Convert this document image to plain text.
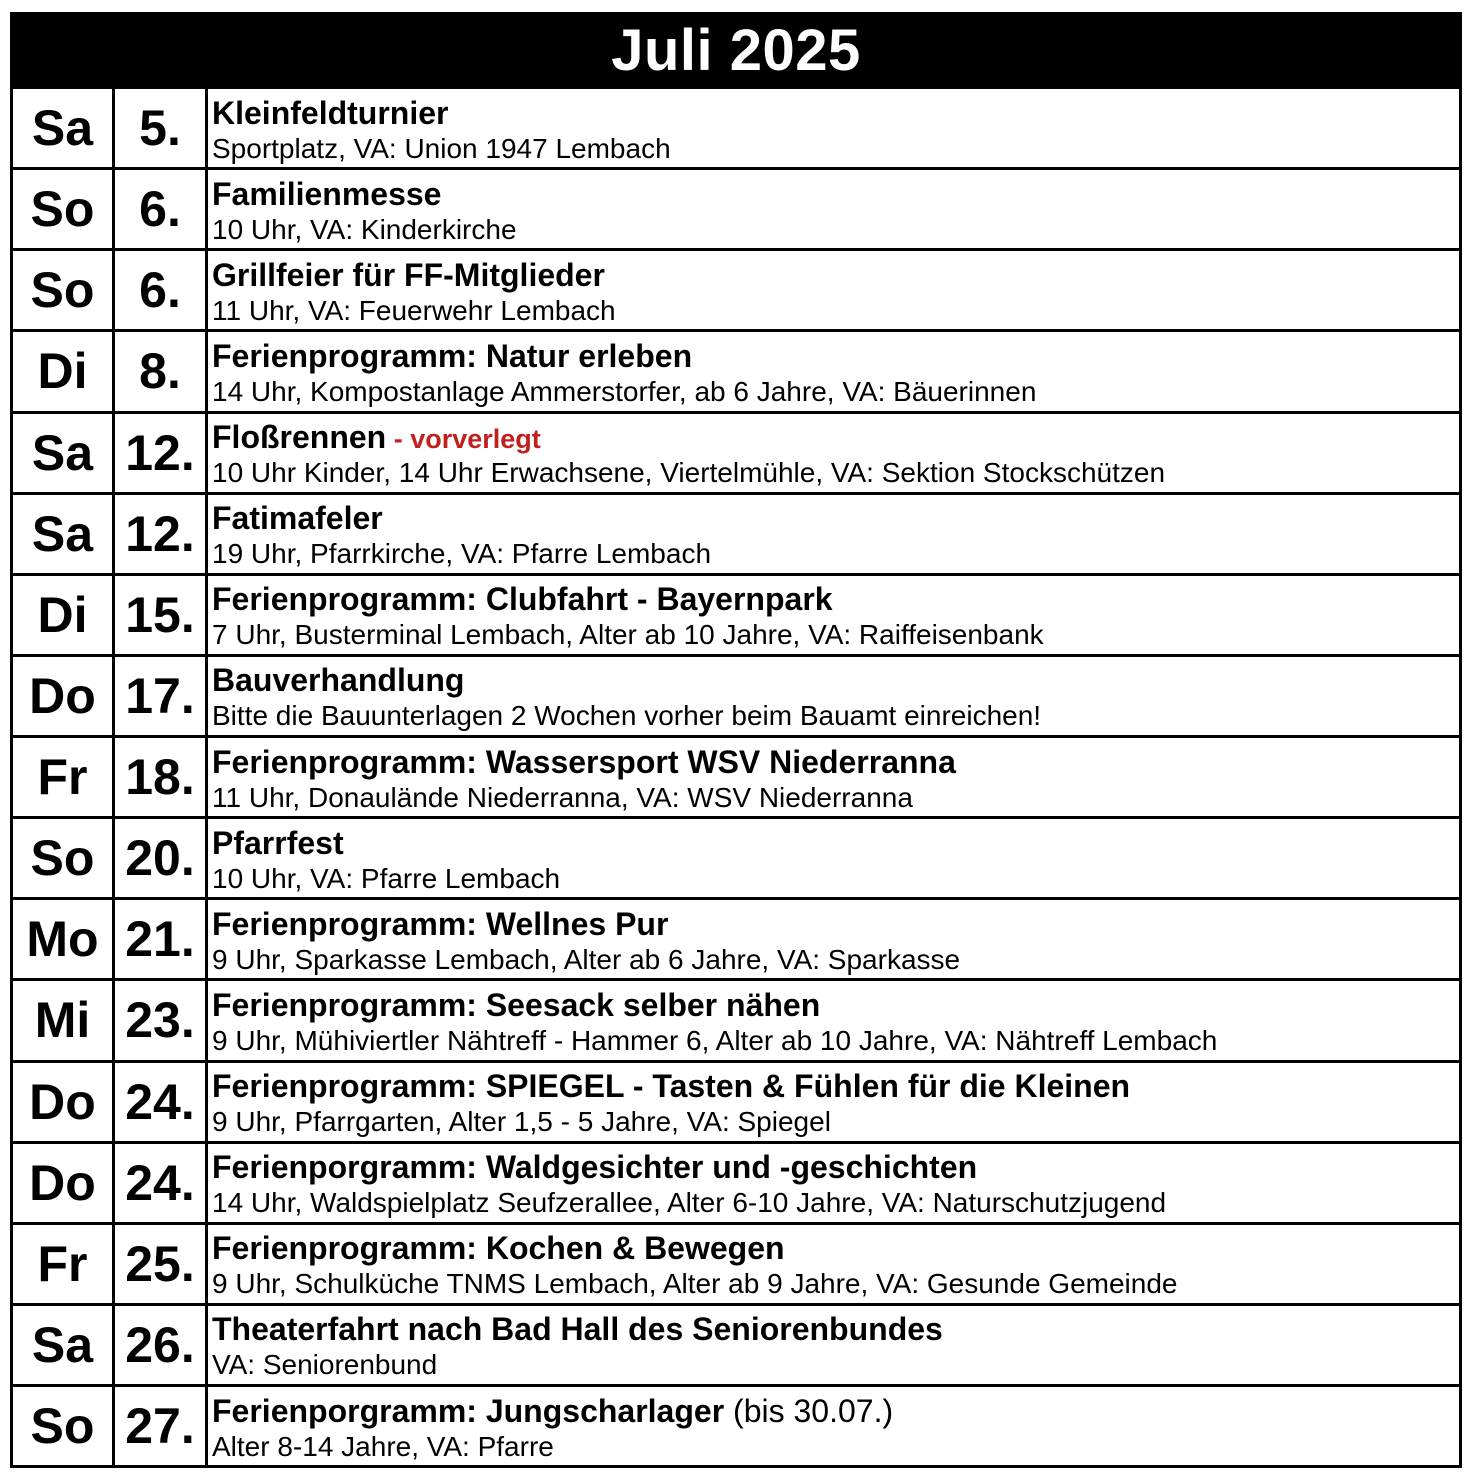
Juli 2025
Sa 5. Kleinfeldturnier
Sportplatz, VA: Union 1947 Lembach
So 6. Familienmesse
10 Uhr, VA: Kinderkirche
So 6. Grillfeier für FF-Mitglieder
11 Uhr, VA: Feuerwehr Lembach
Di	8. Ferienprogramm: Natur erleben
14 Uhr, Kompostanlage Ammerstorfer, ab 6 Jahre, VA: Bäuerinnen
Sa 12. Floßrennen - vorverlegt
10 Uhr Kinder, 14 Uhr Erwachsene, Viertelmühle, VA: Sektion Stockschützen
Sa 12. Fatimafeler
19 Uhr, Pfarrkirche, VA: Pfarre Lembach
Di 15. Ferienprogramm: Clubfahrt - Bayernpark
7 Uhr, Busterminal Lembach, Alter ab 10 Jahre, VA: Raiffeisenbank
Do 17. Bauverhandlung
Bitte die Bauunterlagen 2 Wochen vorher beim Bauamt einreichen!
Fr 18. Ferienprogramm: Wassersport WSV Niederranna
11 Uhr, Donaulände Niederranna, VA: WSV Niederranna
So 20. Pfarrfest
10 Uhr, VA: Pfarre Lembach
Mo 21. Ferienprogramm: Wellnes Pur
9 Uhr, Sparkasse Lembach, Alter ab 6 Jahre, VA: Sparkasse
Mi 23. Ferienprogramm: Seesack selber nähen
9 Uhr, Mühiviertler Nähtreff - Hammer 6, Alter ab 10 Jahre, VA: Nähtreff Lembach
Do 24. Ferienprogramm: SPIEGEL - Tasten & Fühlen für die Kleinen
9 Uhr, Pfarrgarten, Alter 1,5 - 5 Jahre, VA: Spiegel
Do 24. Ferienporgramm: Waldgesichter und -geschichten
14 Uhr, Waldspielplatz Seufzerallee, Alter 6-10 Jahre, VA: Naturschutzjugend
Fr 25. Ferienprogramm: Kochen & Bewegen
9 Uhr, Schulküche TNMS Lembach, Alter ab 9 Jahre, VA: Gesunde Gemeinde
Sa 26. Theaterfahrt nach Bad Hall des Seniorenbundes
VA: Seniorenbund
So 27. Ferienporgramm: Jungscharlager (bis 30.07.)
Alter 8-14 Jahre, VA: Pfarre
